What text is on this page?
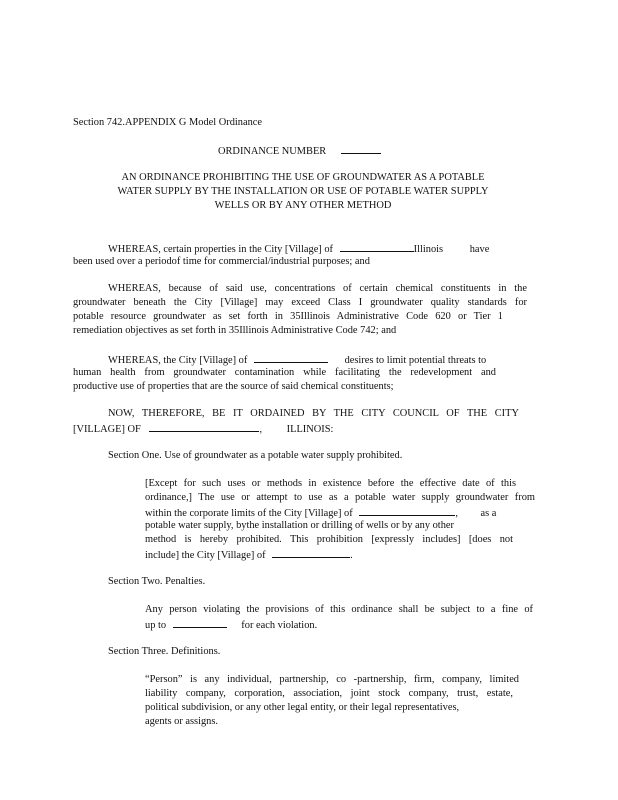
Section 742.APPENDIX G Model Ordinance
ORDINANCE NUMBER
AN ORDINANCE PROHIBITING THE USE OF GROUNDWATER AS A POTABLE
WATER SUPPLY BY THE INSTALLATION OR USE OF POTABLE WATER SUPPLY
WELLS OR BY ANY OTHER METHOD
WHEREAS, certain properties in the City [Village] of	Illinois	have
been used over a periodof time for commercial/industrial purposes; and
WHEREAS, because of said use, concentrations of certain chemical constituents in the
groundwater beneath the City [Village] may exceed Class I groundwater quality standards for
potable resource groundwater as set forth in 35Illinois Administrative Code 620 or Tier 1
remediation objectives as set forth in 35Illinois Administrative Code 742; and
WHEREAS, the City [Village] of	desires to limit potential threats to
human health from groundwater contamination while facilitating the redevelopment and
productive use of properties that are the source of said chemical constituents;
NOW, THEREFORE, BE IT ORDAINED BY THE CITY COUNCIL OF THE CITY
[VILLAGE] OF	, ILLINOIS:
Section One. Use of groundwater as a potable water supply prohibited.
[Except for such uses or methods in existence before the effective date of this
ordinance,] The use or attempt to use as a potable water supply groundwater from
within the corporate limits of the City [Village] of	, as a
potable water supply, bythe installation or drilling of wells or by any other
method is hereby prohibited. This prohibition [expressly includes] [does not
include] the City [Village] of	.
Section Two. Penalties.
Any person violating the provisions of this ordinance shall be subject to a fine of
up to	for each violation.
Section Three. Definitions.
“Person” is any individual, partnership, co -partnership, firm, company, limited
liability company, corporation, association, joint stock company, trust, estate,
political subdivision, or any other legal entity, or their legal representatives,
agents or assigns.
